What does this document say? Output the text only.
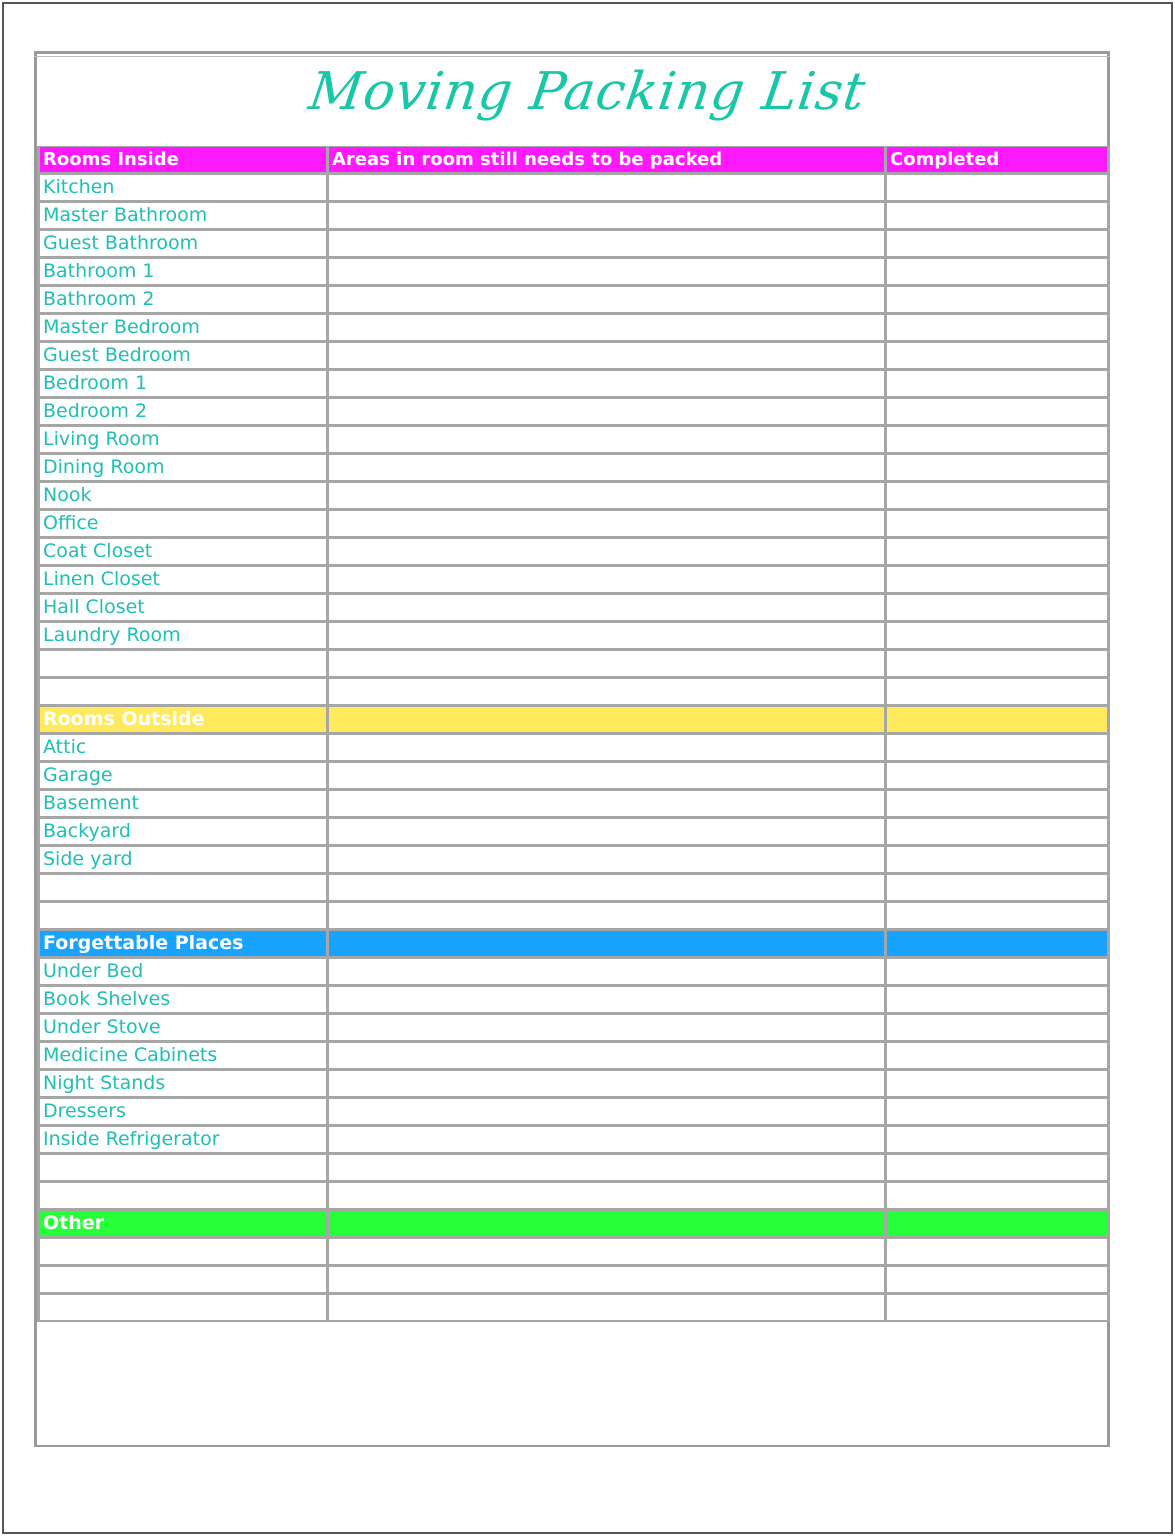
Moving Packing List
Rooms Inside	Areas in room still needs to be packed	Completed
Kitchen		
Master Bathroom		
Guest Bathroom		
Bathroom 1		
Bathroom 2		
Master Bedroom		
Guest Bedroom		
Bedroom 1		
Bedroom 2		
Living Room		
Dining Room		
Nook		
Office		
Coat Closet		
Linen Closet		
Hall Closet		
Laundry Room		

Rooms Outside		
Attic		
Garage		
Basement		
Backyard		
Side yard		

Forgettable Places		
Under Bed		
Book Shelves		
Under Stove		
Medicine Cabinets		
Night Stands		
Dressers		
Inside Refrigerator		

Other		
